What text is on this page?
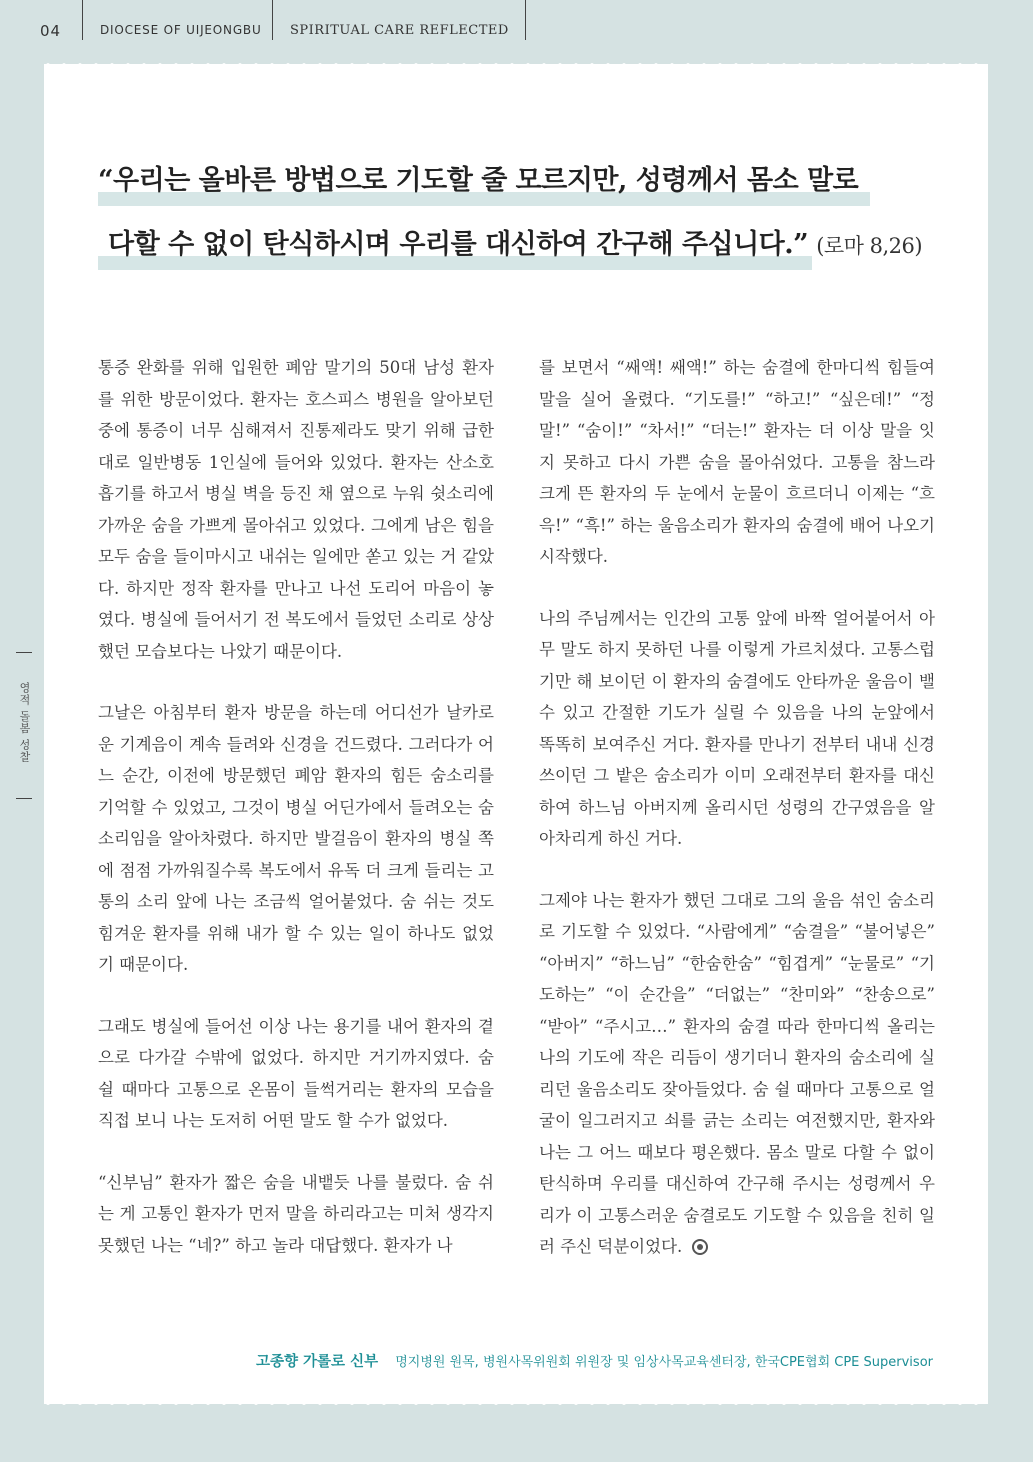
04	DIOCESE OF UIJEONGBU SPIRITUAL CARE REFLECTED
영적 돌봄 성찰
“우리는 올바른 방법으로 기도할 줄 모르지만, 성령께서 몸소 말로
다할 수 없이 탄식하시며 우리를 대신하여 간구해 주십니다.” (로마 8,26)

통증 완화를 위해 입원한 폐암 말기의 50대 남성 환자를 위한 방문이었다. 환자는 호스피스 병원을 알아보던 중에 통증이 너무 심해져서 진통제라도 맞기 위해 급한 대로 일반병동 1인실에 들어와 있었다. 환자는 산소호흡기를 하고서 병실 벽을 등진 채 옆으로 누워 쉿소리에 가까운 숨을 가쁘게 몰아쉬고 있었다. 그에게 남은 힘을 모두 숨을 들이마시고 내쉬는 일에만 쏟고 있는 거 같았다. 하지만 정작 환자를 만나고 나선 도리어 마음이 놓였다. 병실에 들어서기 전 복도에서 들었던 소리로 상상했던 모습보다는 나았기 때문이다.

그날은 아침부터 환자 방문을 하는데 어디선가 날카로운 기계음이 계속 들려와 신경을 건드렸다. 그러다가 어느 순간, 이전에 방문했던 폐암 환자의 힘든 숨소리를 기억할 수 있었고, 그것이 병실 어딘가에서 들려오는 숨소리임을 알아차렸다. 하지만 발걸음이 환자의 병실 쪽에 점점 가까워질수록 복도에서 유독 더 크게 들리는 고통의 소리 앞에 나는 조금씩 얼어붙었다. 숨 쉬는 것도 힘겨운 환자를 위해 내가 할 수 있는 일이 하나도 없었기 때문이다.

그래도 병실에 들어선 이상 나는 용기를 내어 환자의 곁으로 다가갈 수밖에 없었다. 하지만 거기까지였다. 숨 쉴 때마다 고통으로 온몸이 들썩거리는 환자의 모습을 직접 보니 나는 도저히 어떤 말도 할 수가 없었다.

“신부님” 환자가 짧은 숨을 내뱉듯 나를 불렀다. 숨 쉬는 게 고통인 환자가 먼저 말을 하리라고는 미처 생각지 못했던 나는 “네?” 하고 놀라 대답했다. 환자가 나

를 보면서 “쌔액! 쌔액!” 하는 숨결에 한마디씩 힘들여 말을 실어 올렸다. “기도를!” “하고!” “싶은데!” “정말!” “숨이!” “차서!” “더는!” 환자는 더 이상 말을 잇지 못하고 다시 가쁜 숨을 몰아쉬었다. 고통을 참느라 크게 뜬 환자의 두 눈에서 눈물이 흐르더니 이제는 “흐윽!” “흑!” 하는 울음소리가 환자의 숨결에 배어 나오기 시작했다.

나의 주님께서는 인간의 고통 앞에 바짝 얼어붙어서 아무 말도 하지 못하던 나를 이렇게 가르치셨다. 고통스럽기만 해 보이던 이 환자의 숨결에도 안타까운 울음이 밸 수 있고 간절한 기도가 실릴 수 있음을 나의 눈앞에서 똑똑히 보여주신 거다. 환자를 만나기 전부터 내내 신경 쓰이던 그 밭은 숨소리가 이미 오래전부터 환자를 대신하여 하느님 아버지께 올리시던 성령의 간구였음을 알아차리게 하신 거다.

그제야 나는 환자가 했던 그대로 그의 울음 섞인 숨소리로 기도할 수 있었다. “사람에게” “숨결을” “불어넣은” “아버지” “하느님” “한숨한숨” “힘겹게” “눈물로” “기도하는” “이 순간을” “더없는” “찬미와” “찬송으로” “받아” “주시고…” 환자의 숨결 따라 한마디씩 올리는 나의 기도에 작은 리듬이 생기더니 환자의 숨소리에 실리던 울음소리도 잦아들었다. 숨 쉴 때마다 고통으로 얼굴이 일그러지고 쇠를 긁는 소리는 여전했지만, 환자와 나는 그 어느 때보다 평온했다. 몸소 말로 다할 수 없이 탄식하며 우리를 대신하여 간구해 주시는 성령께서 우리가 이 고통스러운 숨결로도 기도할 수 있음을 친히 일러 주신 덕분이었다.

고종향 가롤로 신부 명지병원 원목, 병원사목위원회 위원장 및 임상사목교육센터장, 한국CPE협회 CPE Supervisor
